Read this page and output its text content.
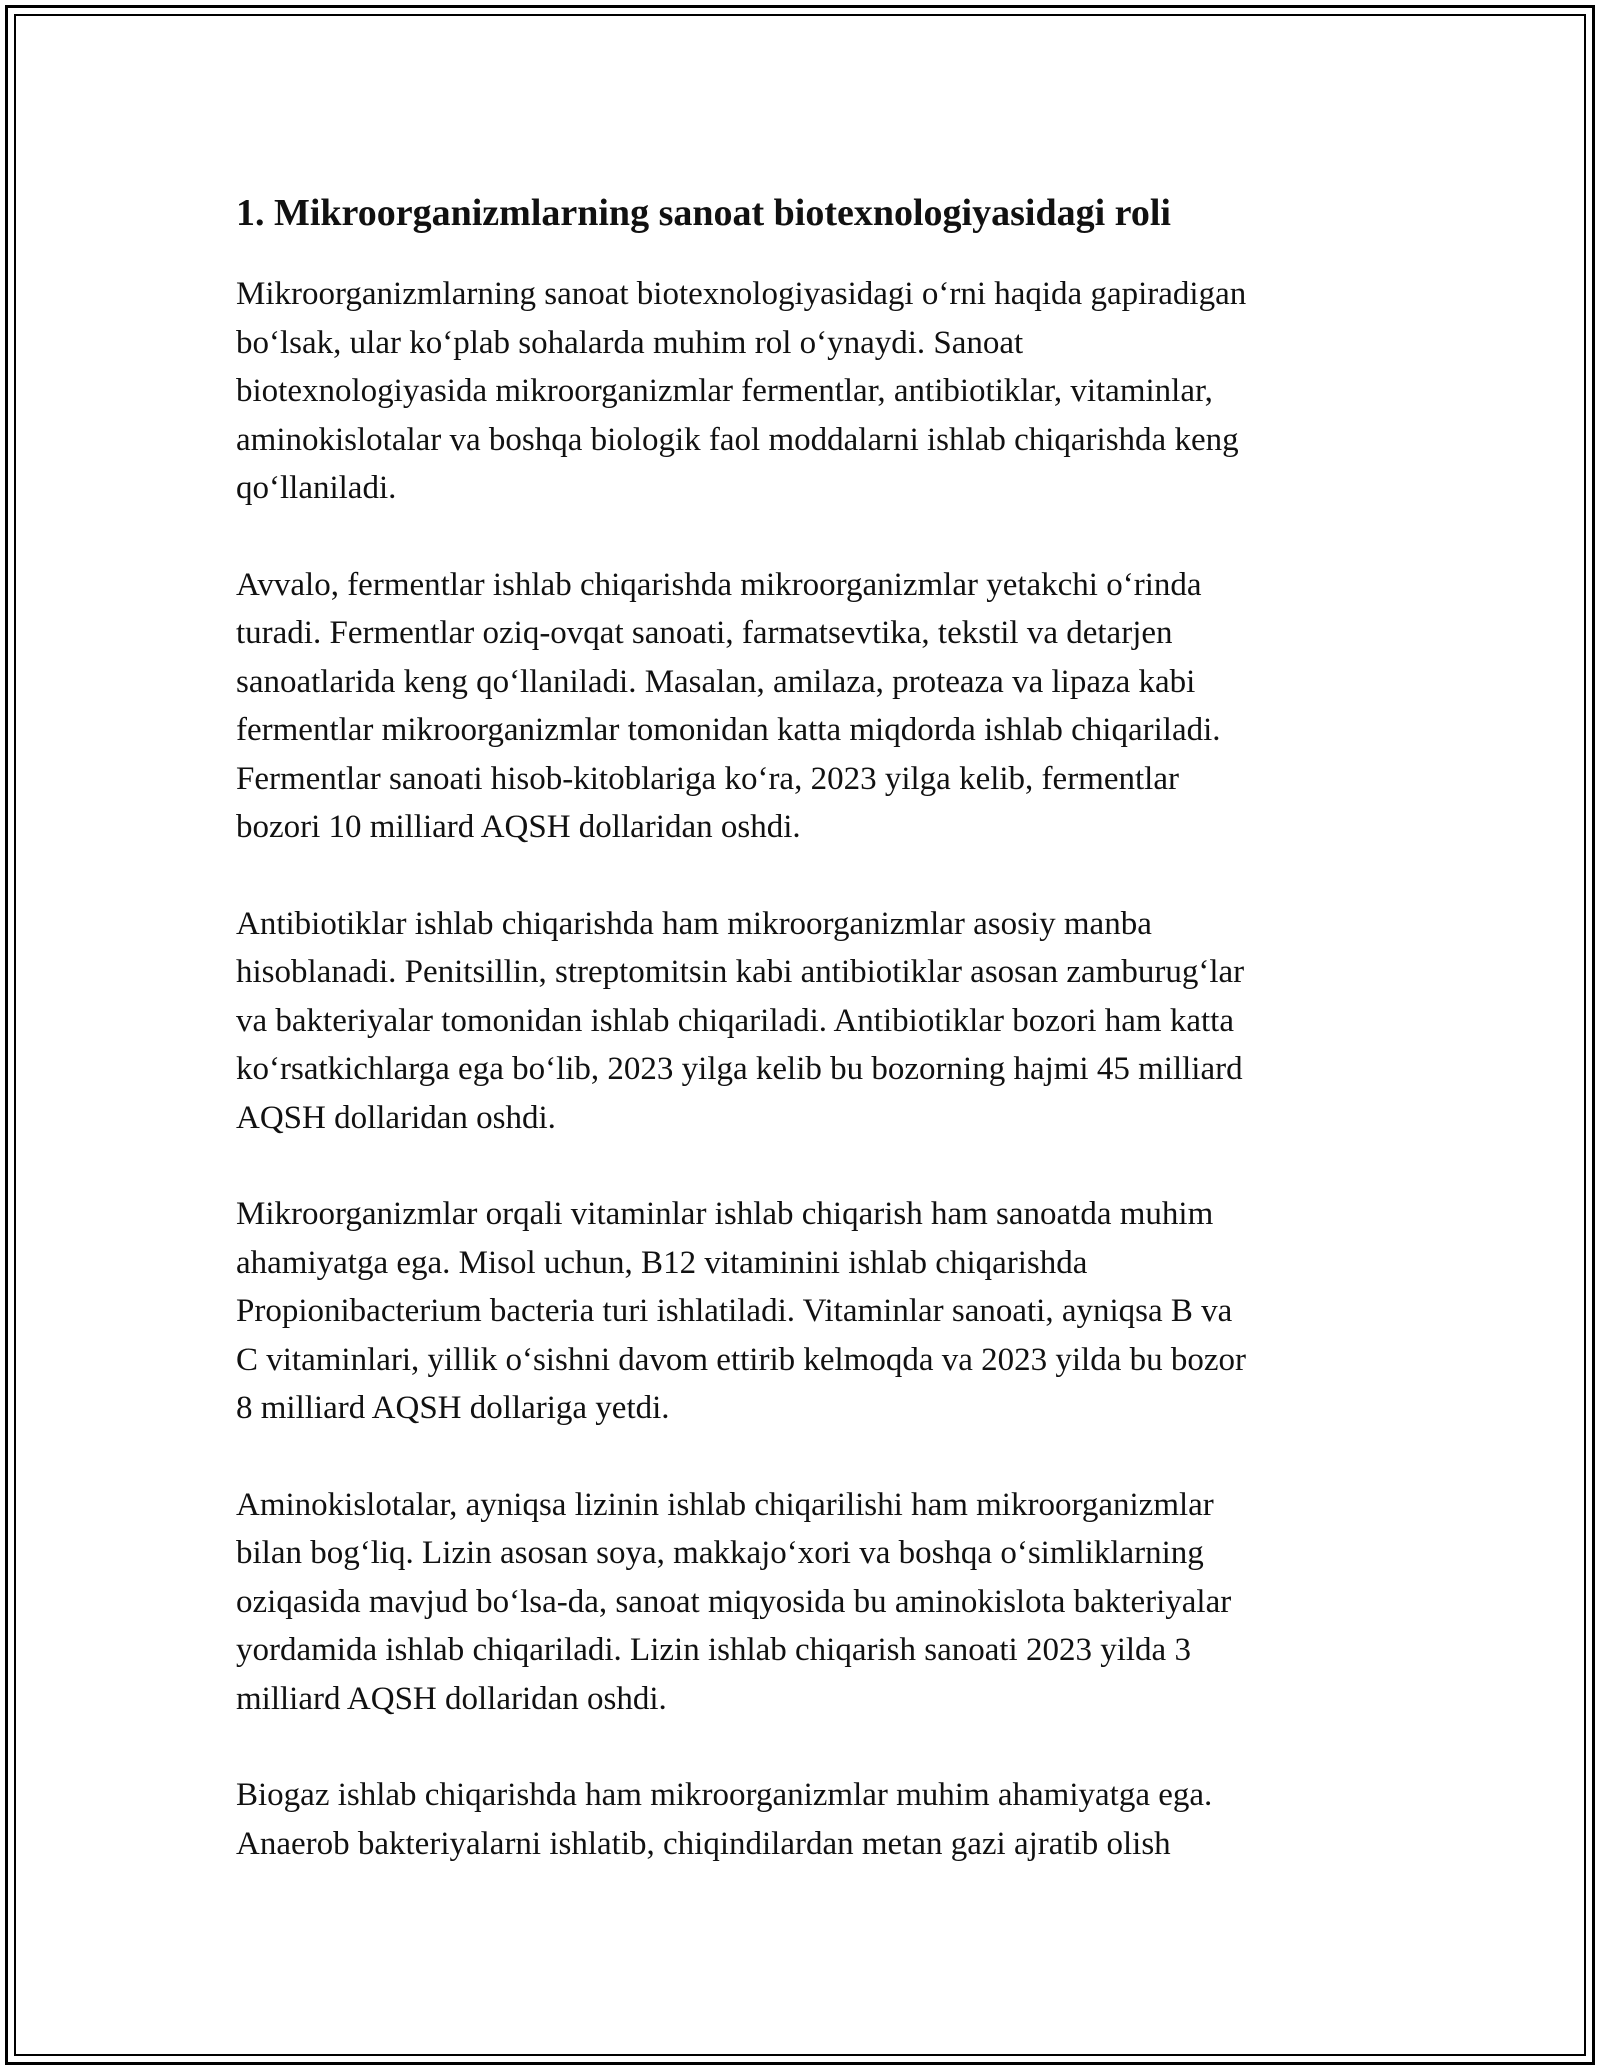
1. Mikroorganizmlarning sanoat biotexnologiyasidagi roli

Mikroorganizmlarning sanoat biotexnologiyasidagi o‘rni haqida gapiradigan
bo‘lsak, ular ko‘plab sohalarda muhim rol o‘ynaydi. Sanoat
biotexnologiyasida mikroorganizmlar fermentlar, antibiotiklar, vitaminlar,
aminokislotalar va boshqa biologik faol moddalarni ishlab chiqarishda keng
qo‘llaniladi.

Avvalo, fermentlar ishlab chiqarishda mikroorganizmlar yetakchi o‘rinda
turadi. Fermentlar oziq-ovqat sanoati, farmatsevtika, tekstil va detarjen
sanoatlarida keng qo‘llaniladi. Masalan, amilaza, proteaza va lipaza kabi
fermentlar mikroorganizmlar tomonidan katta miqdorda ishlab chiqariladi.
Fermentlar sanoati hisob-kitoblariga ko‘ra, 2023 yilga kelib, fermentlar
bozori 10 milliard AQSH dollaridan oshdi.

Antibiotiklar ishlab chiqarishda ham mikroorganizmlar asosiy manba
hisoblanadi. Penitsillin, streptomitsin kabi antibiotiklar asosan zamburug‘lar
va bakteriyalar tomonidan ishlab chiqariladi. Antibiotiklar bozori ham katta
ko‘rsatkichlarga ega bo‘lib, 2023 yilga kelib bu bozorning hajmi 45 milliard
AQSH dollaridan oshdi.

Mikroorganizmlar orqali vitaminlar ishlab chiqarish ham sanoatda muhim
ahamiyatga ega. Misol uchun, B12 vitaminini ishlab chiqarishda
Propionibacterium bacteria turi ishlatiladi. Vitaminlar sanoati, ayniqsa B va
C vitaminlari, yillik o‘sishni davom ettirib kelmoqda va 2023 yilda bu bozor
8 milliard AQSH dollariga yetdi.

Aminokislotalar, ayniqsa lizinin ishlab chiqarilishi ham mikroorganizmlar
bilan bog‘liq. Lizin asosan soya, makkajo‘xori va boshqa o‘simliklarning
oziqasida mavjud bo‘lsa-da, sanoat miqyosida bu aminokislota bakteriyalar
yordamida ishlab chiqariladi. Lizin ishlab chiqarish sanoati 2023 yilda 3
milliard AQSH dollaridan oshdi.

Biogaz ishlab chiqarishda ham mikroorganizmlar muhim ahamiyatga ega.
Anaerob bakteriyalarni ishlatib, chiqindilardan metan gazi ajratib olish
